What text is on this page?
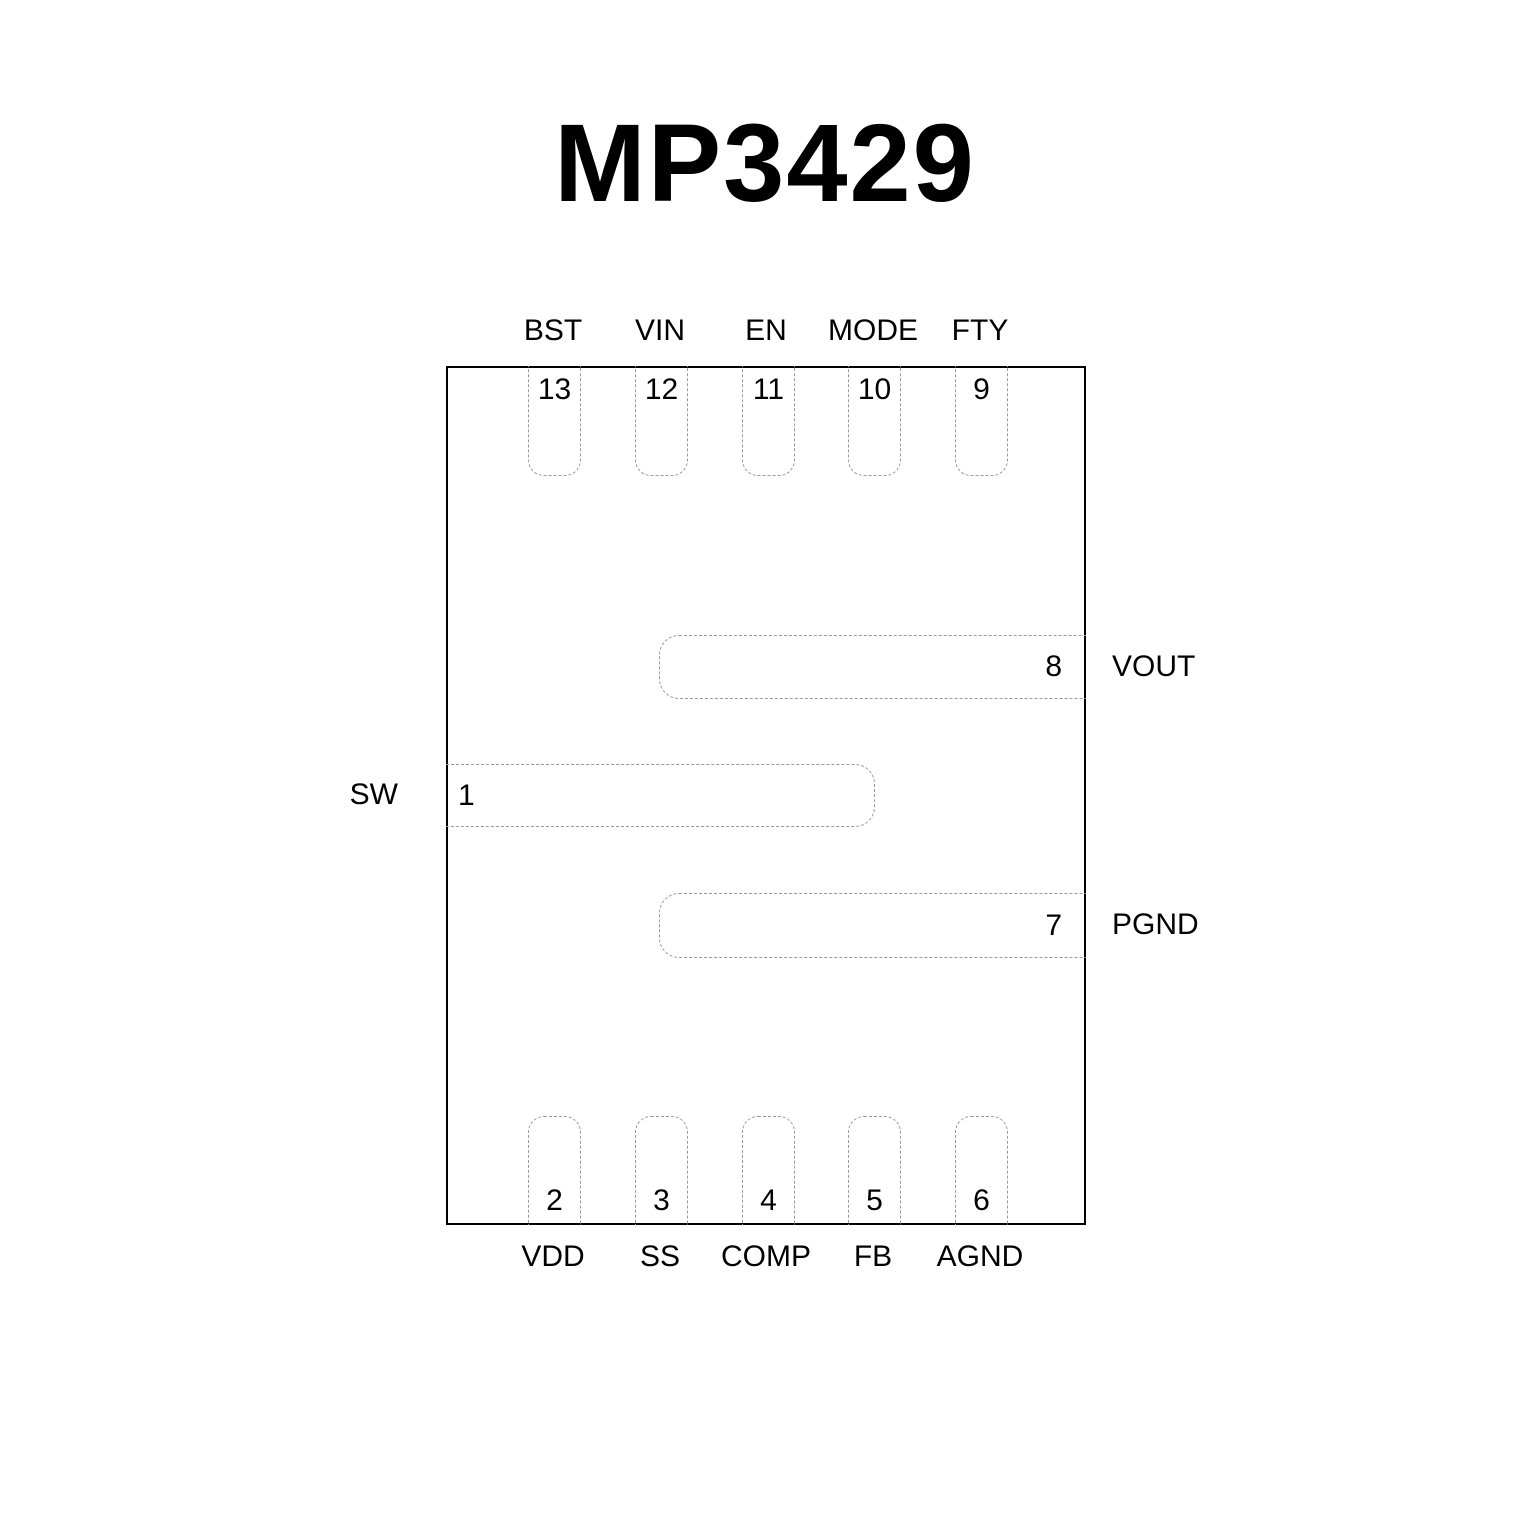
MP3429
BST VIN EN MODE FTY
SW
VOUT
PGND
VDD SS COMP FB AGND
13	12	11	10	9
1
8
7
2	3	4	5	6
